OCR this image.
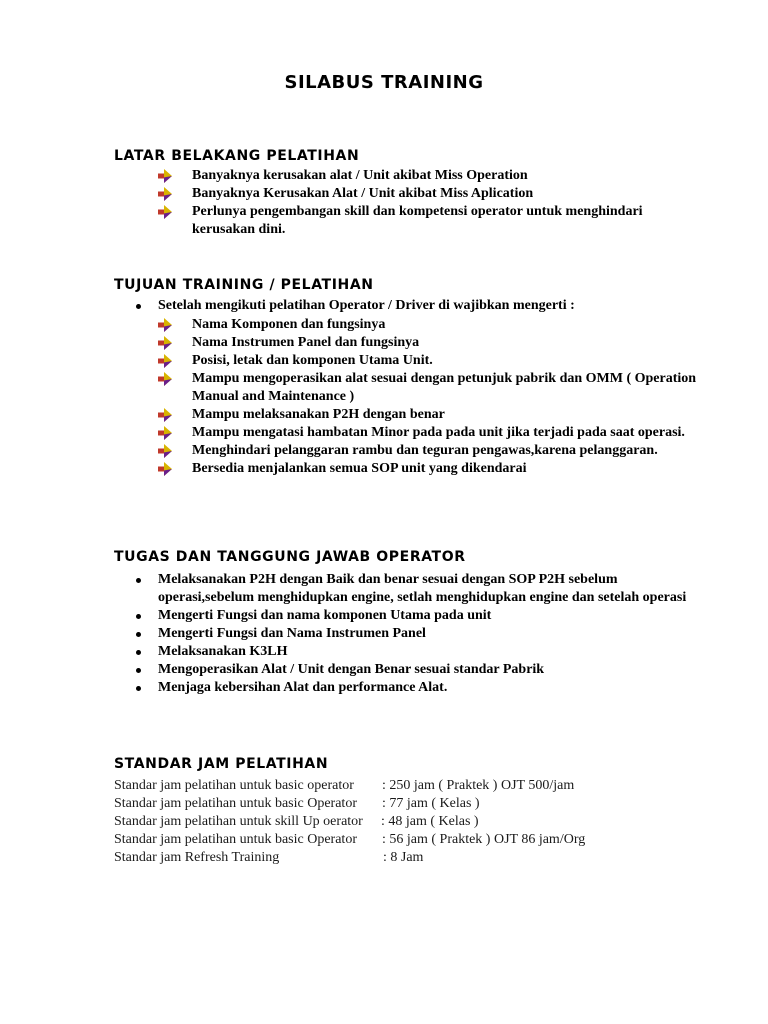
SILABUS TRAINING
LATAR BELAKANG PELATIHAN
Banyaknya kerusakan alat / Unit akibat Miss Operation
Banyaknya Kerusakan Alat / Unit akibat Miss Aplication
Perlunya pengembangan skill dan kompetensi operator untuk menghindari kerusakan dini.
TUJUAN TRAINING / PELATIHAN
Setelah mengikuti pelatihan Operator / Driver di wajibkan mengerti :
Nama Komponen dan fungsinya
Nama Instrumen Panel dan fungsinya
Posisi, letak dan komponen Utama Unit.
Mampu mengoperasikan alat sesuai dengan petunjuk pabrik dan OMM ( Operation Manual and Maintenance )
Mampu melaksanakan P2H dengan benar
Mampu mengatasi hambatan Minor pada pada unit jika terjadi pada saat operasi.
Menghindari pelanggaran rambu dan teguran pengawas,karena pelanggaran.
Bersedia menjalankan semua SOP unit yang dikendarai
TUGAS DAN TANGGUNG JAWAB OPERATOR
Melaksanakan P2H dengan Baik dan benar sesuai dengan SOP P2H sebelum operasi,sebelum menghidupkan engine, setlah menghidupkan engine dan setelah operasi
Mengerti Fungsi dan nama komponen Utama pada unit
Mengerti Fungsi dan Nama Instrumen Panel
Melaksanakan K3LH
Mengoperasikan Alat / Unit dengan Benar sesuai standar Pabrik
Menjaga kebersihan Alat dan performance Alat.
STANDAR JAM PELATIHAN
Standar jam pelatihan untuk basic operator : 250 jam ( Praktek ) OJT 500/jam
Standar jam pelatihan untuk basic Operator : 77 jam ( Kelas )
Standar jam pelatihan untuk skill Up oerator : 48 jam ( Kelas )
Standar jam pelatihan untuk basic Operator : 56 jam ( Praktek ) OJT 86 jam/Org
Standar jam Refresh Training	: 8 Jam
